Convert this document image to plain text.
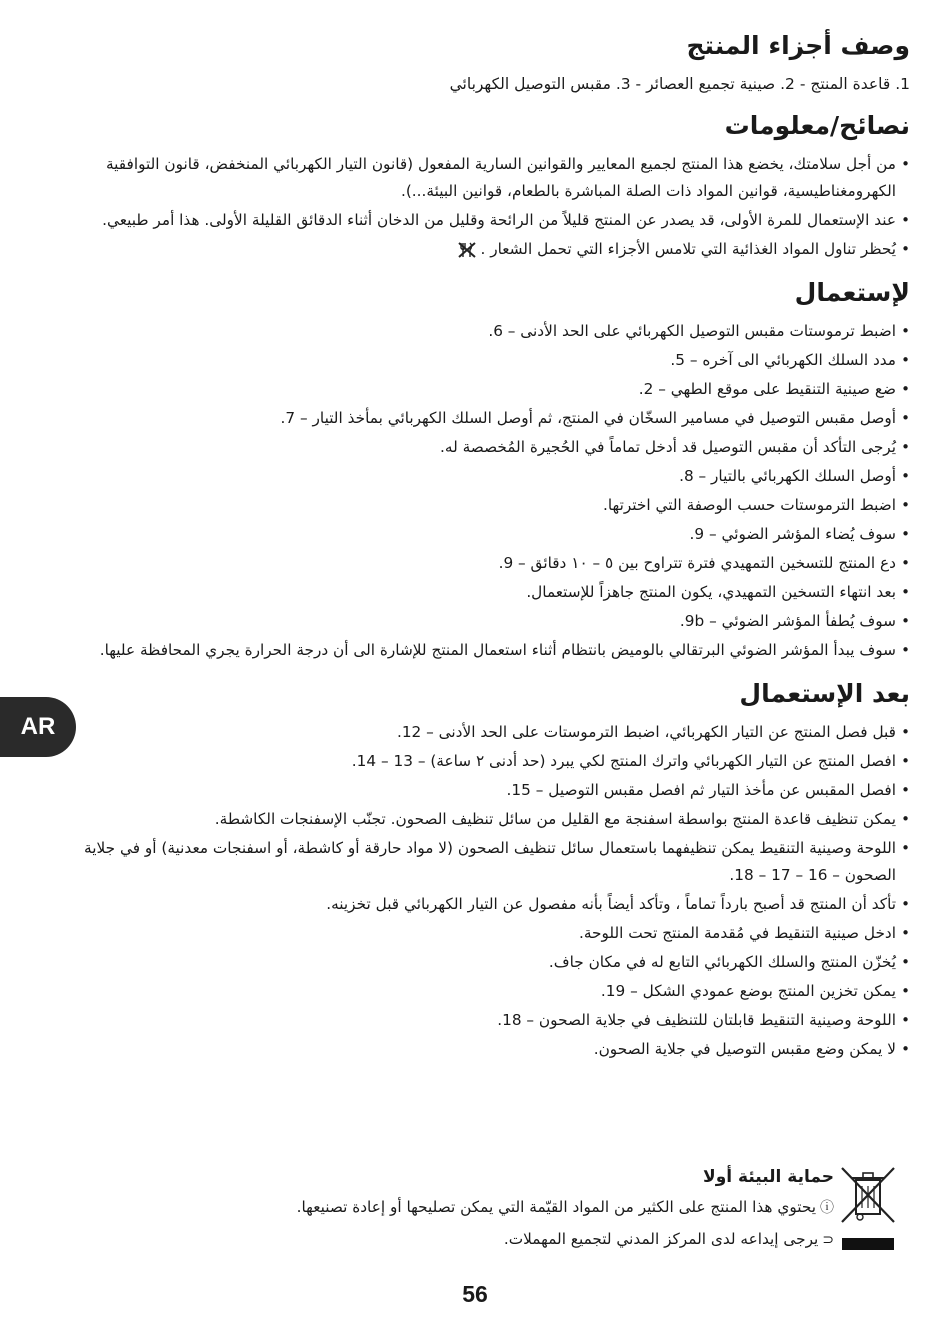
وصف أجزاء المنتج
1. قاعدة المنتج - 2. صينية تجميع العصائر - 3. مقبس التوصيل الكهربائي
نصائح/معلومات
• من أجل سلامتك، يخضع هذا المنتج لجميع المعايير والقوانين السارية المفعول (قانون التيار الكهربائي المنخفض، قانون التوافقية الكهرومغناطيسية، قوانين المواد ذات الصلة المباشرة بالطعام، قوانين البيئة...).
• عند الإستعمال للمرة الأولى، قد يصدر عن المنتج قليلاً من الرائحة وقليل من الدخان أثناء الدقائق القليلة الأولى. هذا أمر طبيعي.
• يُحظر تناول المواد الغذائية التي تلامس الأجزاء التي تحمل الشعار .
لإستعمال
• اضبط ترموستات مقبس التوصيل الكهربائي على الحد الأدنى – 6.
• مدد السلك الكهربائي الى آخره – 5.
• ضع صينية التنقيط على موقع الطهي – 2.
• أوصل مقبس التوصيل في مسامير السخّان في المنتج، ثم أوصل السلك الكهربائي بمأخذ التيار – 7.
• يُرجى التأكد أن مقبس التوصيل قد أدخل تماماً في الحُجيرة المُخصصة له.
• أوصل السلك الكهربائي بالتيار – 8.
• اضبط الترموستات حسب الوصفة التي اخترتها.
• سوف يُضاء المؤشر الضوئي – 9.
• دع المنتج للتسخين التمهيدي فترة تتراوح بين ٥ – ١٠ دقائق – 9.
• بعد انتهاء التسخين التمهيدي، يكون المنتج جاهزاً للإستعمال.
• سوف يُطفأ المؤشر الضوئي – 9b.
• سوف يبدأ المؤشر الضوئي البرتقالي بالوميض بانتظام أثناء استعمال المنتج للإشارة الى أن درجة الحرارة يجري المحافظة عليها.
بعد الإستعمال
• قبل فصل المنتج عن التيار الكهربائي، اضبط الترموستات على الحد الأدنى – 12.
• افصل المنتج عن التيار الكهربائي واترك المنتج لكي يبرد (حد أدنى ٢ ساعة) – 13 – 14.
• افصل المقبس عن مأخذ التيار ثم افصل مقبس التوصيل – 15.
• يمكن تنظيف قاعدة المنتج بواسطة اسفنجة مع القليل من سائل تنظيف الصحون. تجنّب الإسفنجات الكاشطة.
• اللوحة وصينية التنقيط يمكن تنظيفهما باستعمال سائل تنظيف الصحون (لا مواد حارقة أو كاشطة، أو اسفنجات معدنية) أو في جلاية الصحون – 16 – 17 – 18.
• تأكد أن المنتج قد أصبح بارداً تماماً ، وتأكد أيضاً بأنه مفصول عن التيار الكهربائي قبل تخزينه.
• ادخل صينية التنقيط في مُقدمة المنتج تحت اللوحة.
• يُخزّن المنتج والسلك الكهربائي التابع له في مكان جاف.
• يمكن تخزين المنتج بوضع عمودي الشكل – 19.
• اللوحة وصينية التنقيط قابلتان للتنظيف في جلاية الصحون – 18.
• لا يمكن وضع مقبس التوصيل في جلاية الصحون.
حماية البيئة أولا
ⓘيحتوي هذا المنتج على الكثير من المواد القيّمة التي يمكن تصليحها أو إعادة تصنيعها.
⊂يرجى إيداعه لدى المركز المدني لتجميع المهملات.
AR
56
